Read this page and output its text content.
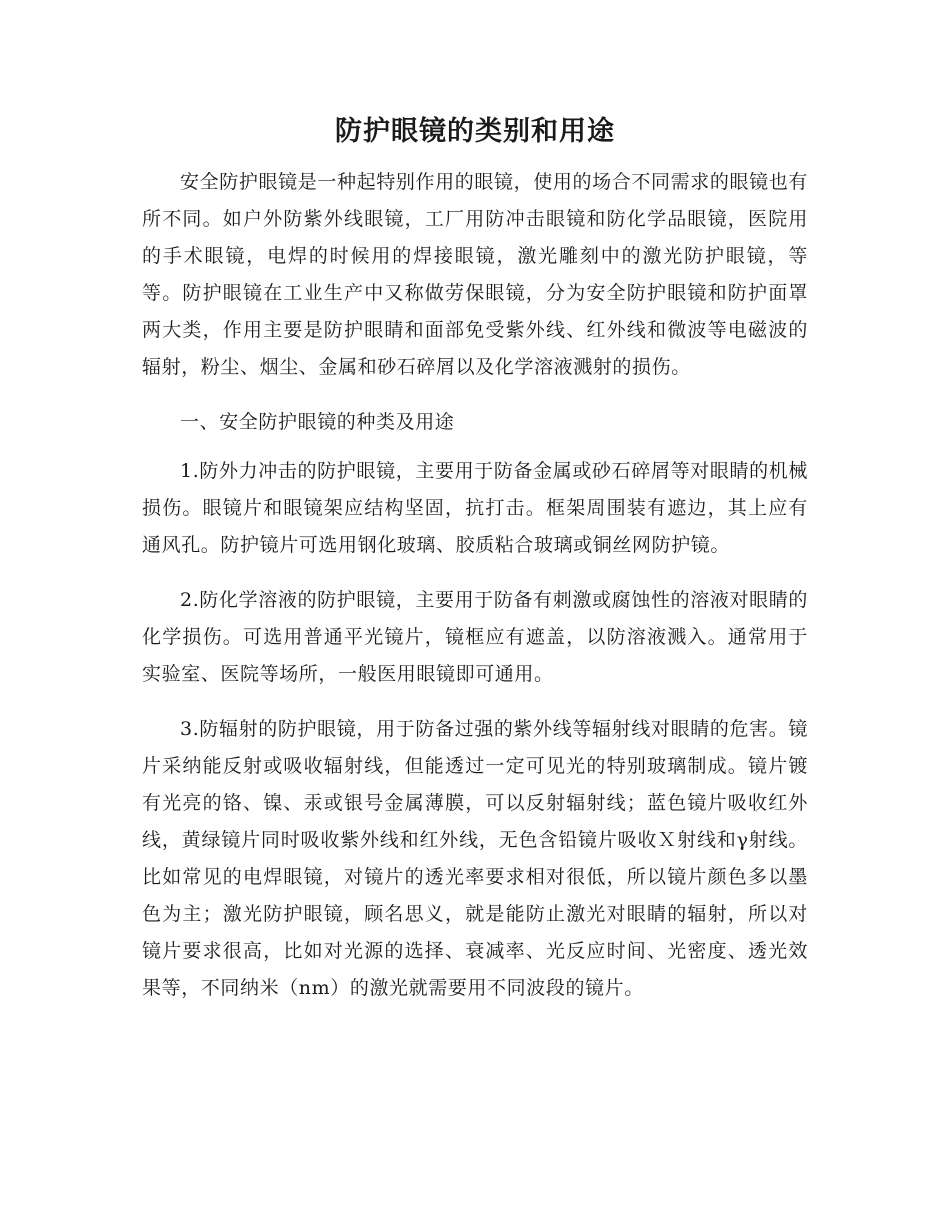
防护眼镜的类别和用途

安全防护眼镜是一种起特别作用的眼镜，使用的场合不同需求的眼镜也有所不同。如户外防紫外线眼镜，工厂用防冲击眼镜和防化学品眼镜，医院用的手术眼镜，电焊的时候用的焊接眼镜，激光雕刻中的激光防护眼镜，等等。防护眼镜在工业生产中又称做劳保眼镜，分为安全防护眼镜和防护面罩两大类，作用主要是防护眼睛和面部免受紫外线、红外线和微波等电磁波的辐射，粉尘、烟尘、金属和砂石碎屑以及化学溶液溅射的损伤。

一、安全防护眼镜的种类及用途

1.防外力冲击的防护眼镜，主要用于防备金属或砂石碎屑等对眼睛的机械损伤。眼镜片和眼镜架应结构坚固，抗打击。框架周围装有遮边，其上应有通风孔。防护镜片可选用钢化玻璃、胶质粘合玻璃或铜丝网防护镜。

2.防化学溶液的防护眼镜，主要用于防备有刺激或腐蚀性的溶液对眼睛的化学损伤。可选用普通平光镜片，镜框应有遮盖，以防溶液溅入。通常用于实验室、医院等场所，一般医用眼镜即可通用。

3.防辐射的防护眼镜，用于防备过强的紫外线等辐射线对眼睛的危害。镜片采纳能反射或吸收辐射线，但能透过一定可见光的特别玻璃制成。镜片镀有光亮的铬、镍、汞或银号金属薄膜，可以反射辐射线；蓝色镜片吸收红外线，黄绿镜片同时吸收紫外线和红外线，无色含铅镜片吸收Ｘ射线和γ射线。比如常见的电焊眼镜，对镜片的透光率要求相对很低，所以镜片颜色多以墨色为主；激光防护眼镜，顾名思义，就是能防止激光对眼睛的辐射，所以对镜片要求很高，比如对光源的选择、衰减率、光反应时间、光密度、透光效果等，不同纳米（nm）的激光就需要用不同波段的镜片。
